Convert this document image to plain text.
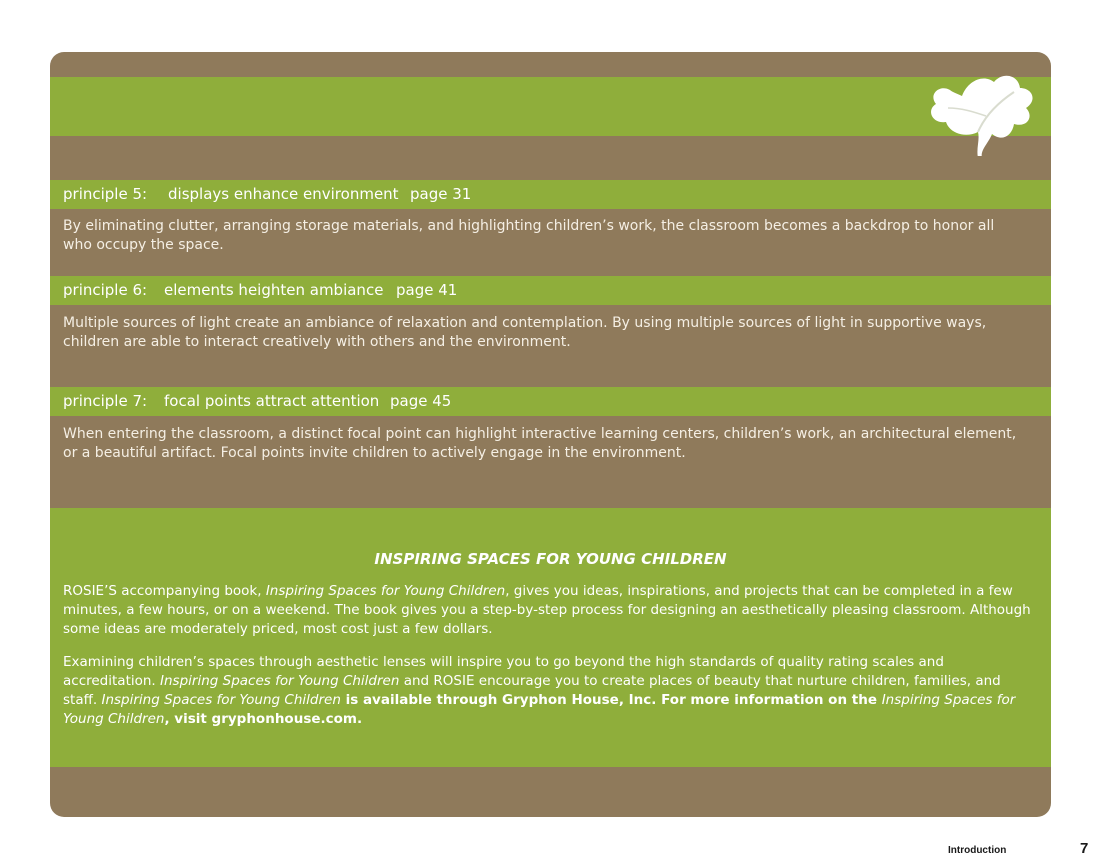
principle 5: displays enhance environment page 31
By eliminating clutter, arranging storage materials, and highlighting children’s work, the classroom becomes a backdrop to honor all who occupy the space.
principle 6: elements heighten ambiance page 41
Multiple sources of light create an ambiance of relaxation and contemplation. By using multiple sources of light in supportive ways, children are able to interact creatively with others and the environment.
principle 7: focal points attract attention page 45
When entering the classroom, a distinct focal point can highlight interactive learning centers, children’s work, an architectural element, or a beautiful artifact. Focal points invite children to actively engage in the environment.
INSPIRING SPACES FOR YOUNG CHILDREN

ROSIE’S accompanying book, Inspiring Spaces for Young Children, gives you ideas, inspirations, and projects that can be completed in a few minutes, a few hours, or on a weekend. The book gives you a step-by-step process for designing an aesthetically pleasing classroom. Although some ideas are moderately priced, most cost just a few dollars.

Examining children’s spaces through aesthetic lenses will inspire you to go beyond the high standards of quality rating scales and accreditation. Inspiring Spaces for Young Children and ROSIE encourage you to create places of beauty that nurture children, families, and staff. Inspiring Spaces for Young Children is available through Gryphon House, Inc. For more information on the Inspiring Spaces for Young Children, visit gryphonhouse.com.

Introduction	7
